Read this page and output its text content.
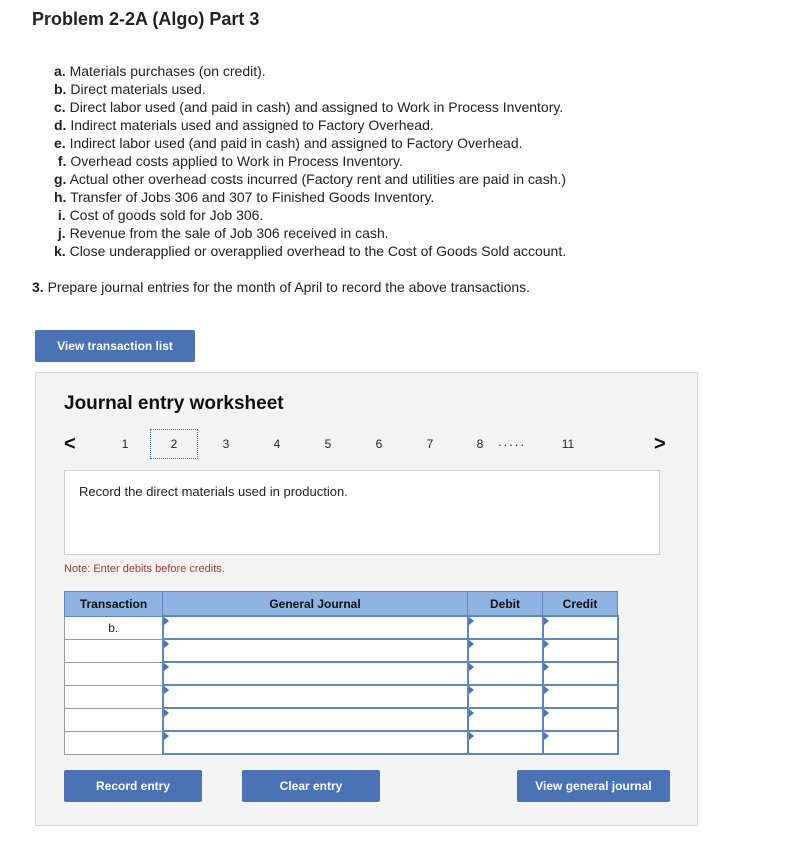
Problem 2-2A (Algo) Part 3
a. Materials purchases (on credit).
b. Direct materials used.
c. Direct labor used (and paid in cash) and assigned to Work in Process Inventory.
d. Indirect materials used and assigned to Factory Overhead.
e. Indirect labor used (and paid in cash) and assigned to Factory Overhead.
f. Overhead costs applied to Work in Process Inventory.
g. Actual other overhead costs incurred (Factory rent and utilities are paid in cash.)
h. Transfer of Jobs 306 and 307 to Finished Goods Inventory.
i. Cost of goods sold for Job 306.
j. Revenue from the sale of Job 306 received in cash.
k. Close underapplied or overapplied overhead to the Cost of Goods Sold account.
3. Prepare journal entries for the month of April to record the above transactions.
View transaction list
Journal entry worksheet
<	1	2	3	4	5	6	7	8	.....	11	>
Record the direct materials used in production.
Note: Enter debits before credits.
Transaction	General Journal	Debit	Credit
b.			

Record entry	Clear entry	View general journal
